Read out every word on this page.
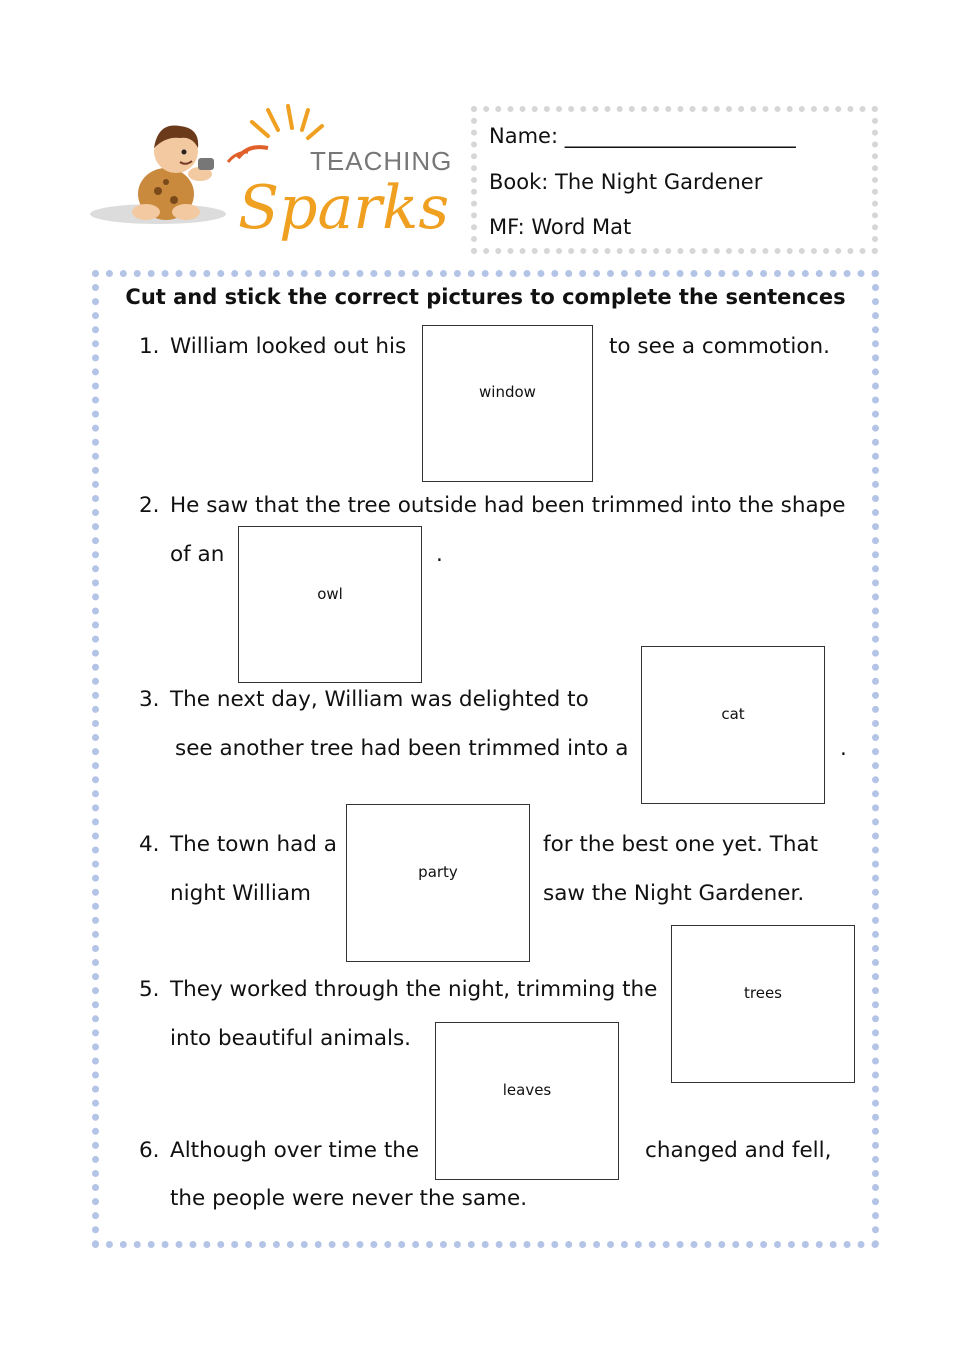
TEACHING
Sparks
Name: ______________________
Book: The Night Gardener
MF: Word Mat
Cut and stick the correct pictures to complete the sentences
1. William looked out his
window
to see a commotion.
2. He saw that the tree outside had been trimmed into the shape
of an
owl
.
3. The next day, William was delighted to
see another tree had been trimmed into a
cat
.
4. The town had a
night William
party
for the best one yet. That
saw the Night Gardener.
5. They worked through the night, trimming the	trees
into beautiful animals.
leaves
6. Although over time the	changed and fell,
the people were never the same.
